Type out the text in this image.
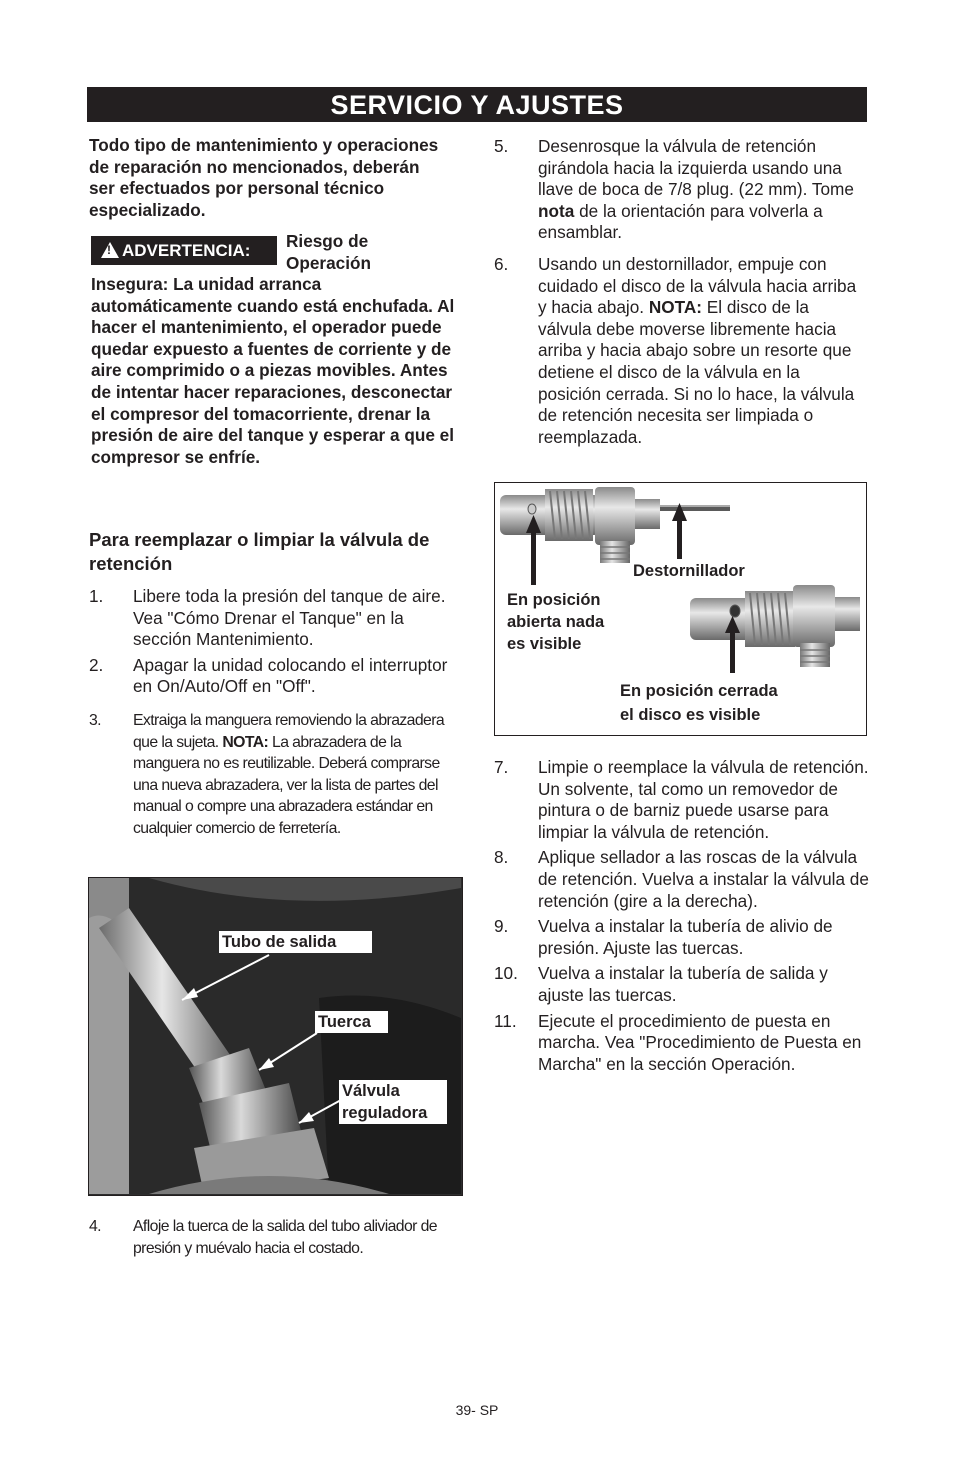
SERVICIO Y AJUSTES
Todo tipo de mantenimiento y operaciones de reparación no mencionados, deberán ser efectuados por personal técnico especializado.
!ADVERTENCIA:	Riesgo de
Operación
Insegura: La unidad arranca automáticamente cuando está enchufada. Al hacer el mantenimiento, el operador puede quedar expuesto a fuentes de corriente y de aire comprimido o a piezas movibles. Antes de intentar hacer reparaciones, desconectar el compresor del tomacorriente, drenar la presión de aire del tanque y esperar a que el compresor se enfríe.
Para reemplazar o limpiar la válvula de retención
1. Libere toda la presión del tanque de aire. Vea "Cómo Drenar el Tanque" en la sección Mantenimiento.
2. Apagar la unidad colocando el interruptor en On/Auto/Off en "Off".
3. Extraiga la manguera removiendo la abrazadera que la sujeta. NOTA: La abrazadera de la manguera no es reutilizable. Deberá comprarse una nueva abrazadera, ver la lista de partes del manual o compre una abrazadera estándar en cualquier comercio de ferretería.
Tubo de salida
Tuerca
Válvula
reguladora
4. Afloje la tuerca de la salida del tubo aliviador de presión y muévalo hacia el costado.
5. Desenrosque la válvula de retención girándola hacia la izquierda usando una llave de boca de 7/8 plug. (22 mm). Tome nota de la orientación para volverla a ensamblar.
6. Usando un destornillador, empuje con cuidado el disco de la válvula hacia arriba y hacia abajo. NOTA: El disco de la válvula debe moverse libremente hacia arriba y hacia abajo sobre un resorte que detiene el disco de la válvula en la posición cerrada. Si no lo hace, la válvula de retención necesita ser limpiada o reemplazada.
Destornillador
En posición
abierta nada
es visible
En posición cerrada
el disco es visible
7. Limpie o reemplace la válvula de retención. Un solvente, tal como un removedor de pintura o de barniz puede usarse para limpiar la válvula de retención.
8. Aplique sellador a las roscas de la válvula de retención. Vuelva a instalar la válvula de retención (gire a la derecha).
9. Vuelva a instalar la tubería de alivio de presión. Ajuste las tuercas.
10. Vuelva a instalar la tubería de salida y ajuste las tuercas.
11. Ejecute el procedimiento de puesta en marcha. Vea "Procedimiento de Puesta en Marcha" en la sección Operación.
39- SP
